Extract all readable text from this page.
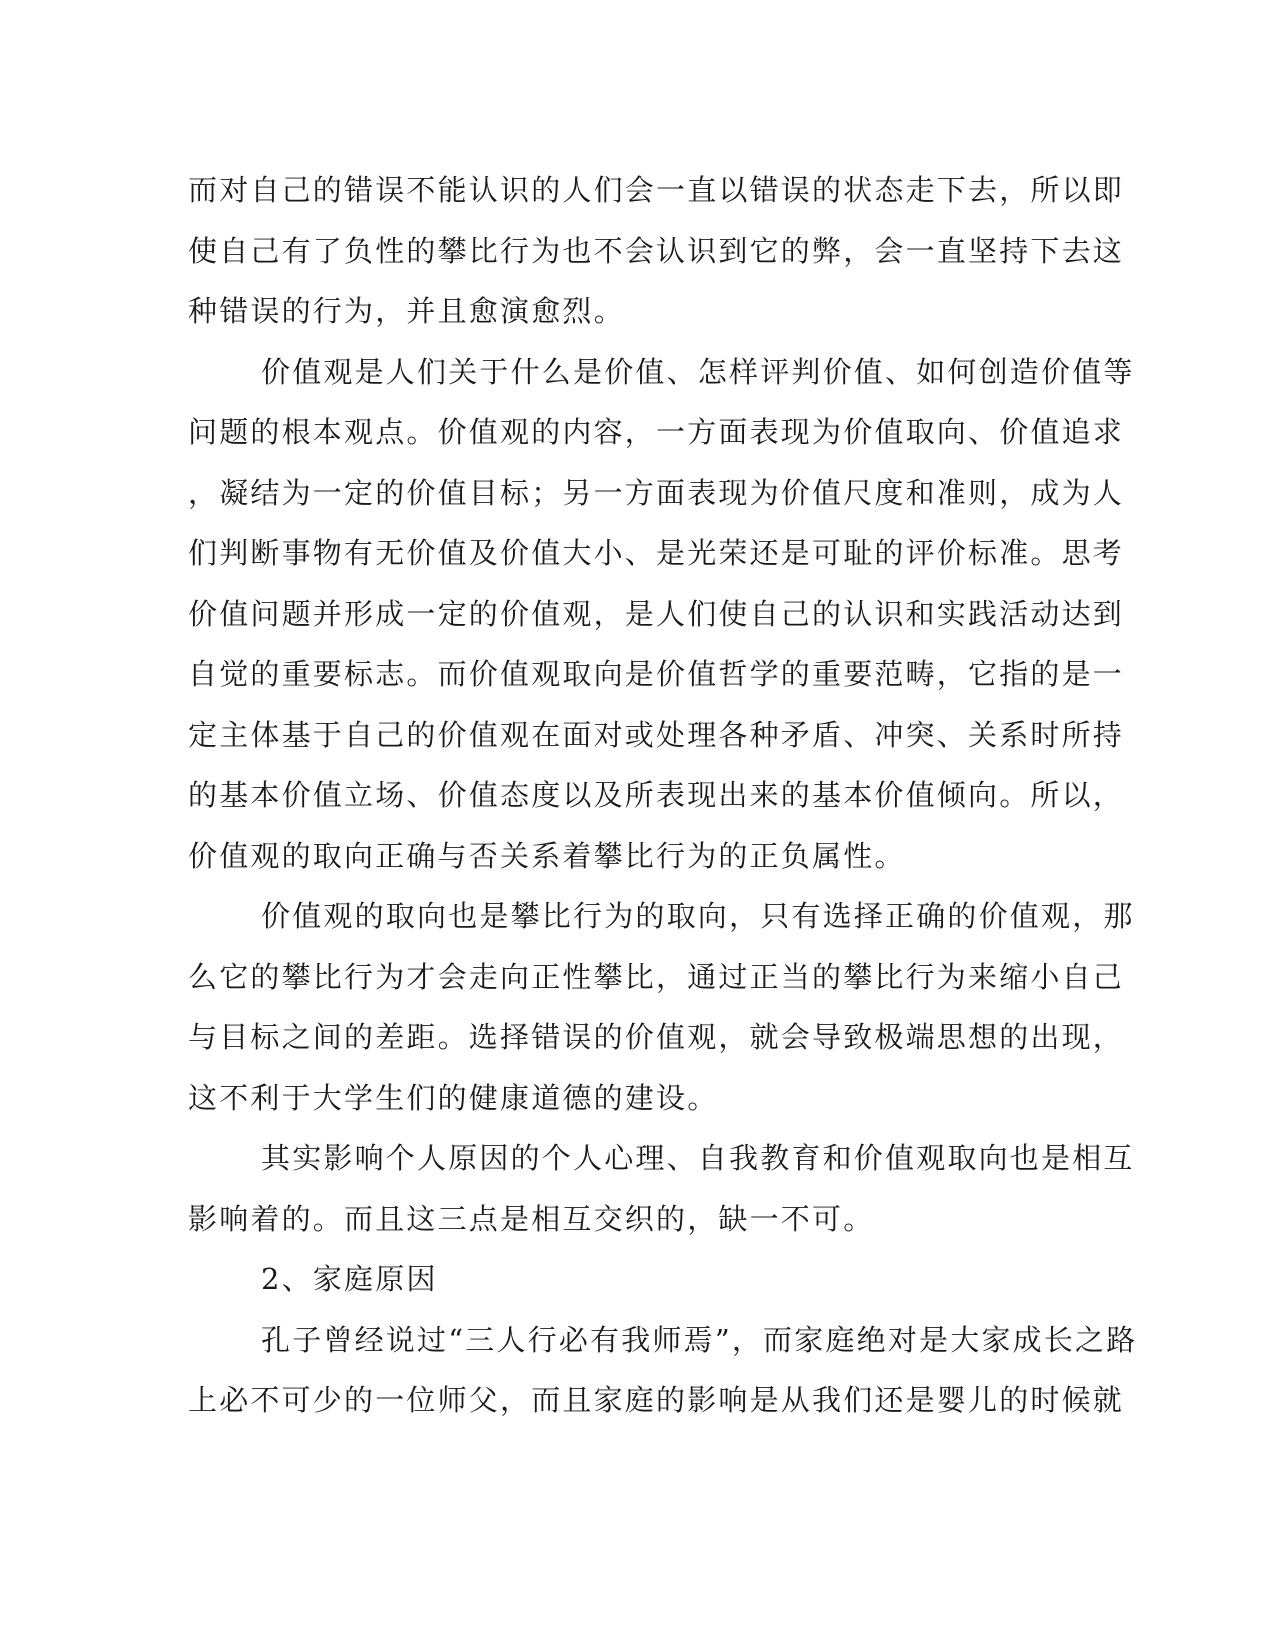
而对自己的错误不能认识的人们会一直以错误的状态走下去，所以即
使自己有了负性的攀比行为也不会认识到它的弊，会一直坚持下去这
种错误的行为，并且愈演愈烈。
价值观是人们关于什么是价值、怎样评判价值、如何创造价值等
问题的根本观点。价值观的内容，一方面表现为价值取向、价值追求
，凝结为一定的价值目标；另一方面表现为价值尺度和准则，成为人
们判断事物有无价值及价值大小、是光荣还是可耻的评价标准。思考
价值问题并形成一定的价值观，是人们使自己的认识和实践活动达到
自觉的重要标志。而价值观取向是价值哲学的重要范畴，它指的是一
定主体基于自己的价值观在面对或处理各种矛盾、冲突、关系时所持
的基本价值立场、价值态度以及所表现出来的基本价值倾向。所以，
价值观的取向正确与否关系着攀比行为的正负属性。
价值观的取向也是攀比行为的取向，只有选择正确的价值观，那
么它的攀比行为才会走向正性攀比，通过正当的攀比行为来缩小自己
与目标之间的差距。选择错误的价值观，就会导致极端思想的出现，
这不利于大学生们的健康道德的建设。
其实影响个人原因的个人心理、自我教育和价值观取向也是相互
影响着的。而且这三点是相互交织的，缺一不可。
2、家庭原因
孔子曾经说过“三人行必有我师焉”，而家庭绝对是大家成长之路
上必不可少的一位师父，而且家庭的影响是从我们还是婴儿的时候就
